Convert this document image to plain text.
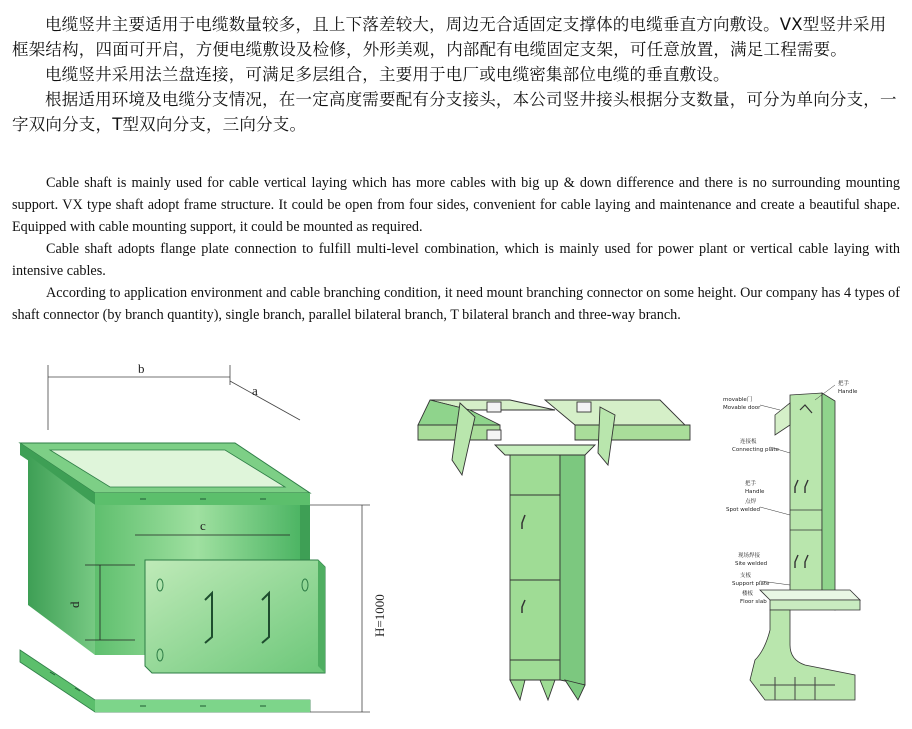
电缆竖井主要适用于电缆数量较多，且上下落差较大，周边无合适固定支撑体的电缆垂直方向敷设。VX型竖井采用框架结构，四面可开启，方便电缆敷设及检修，外形美观，内部配有电缆固定支架，可任意放置，满足工程需要。

电缆竖井采用法兰盘连接，可满足多层组合，主要用于电厂或电缆密集部位电缆的垂直敷设。

根据适用环境及电缆分支情况，在一定高度需要配有分支接头，本公司竖井接头根据分支数量，可分为单向分支，一字双向分支，T型双向分支，三向分支。

Cable shaft is mainly used for cable vertical laying which has more cables with big up & down difference and there is no surrounding mounting support. VX type shaft adopt frame structure. It could be open from four sides, convenient for cable laying and maintenance and create a beautiful shape. Equipped with cable mounting support, it could be mounted as required.

Cable shaft adopts flange plate connection to fulfill multi-level combination, which is mainly used for power plant or vertical cable laying with intensive cables.

According to application environment and cable branching condition, it need mount branching connector on some height. Our company has 4 types of shaft connector (by branch quantity), single branch, parallel bilateral branch, T bilateral branch and three-way branch.

b
a
c
d	H=1000
把手
Handle
movable门
Movable door
连接板
Connecting plate
把手
Handle
点焊
Spot welded
现场焊接
Site welded
支板
Support plate
楼板
Floor slab
